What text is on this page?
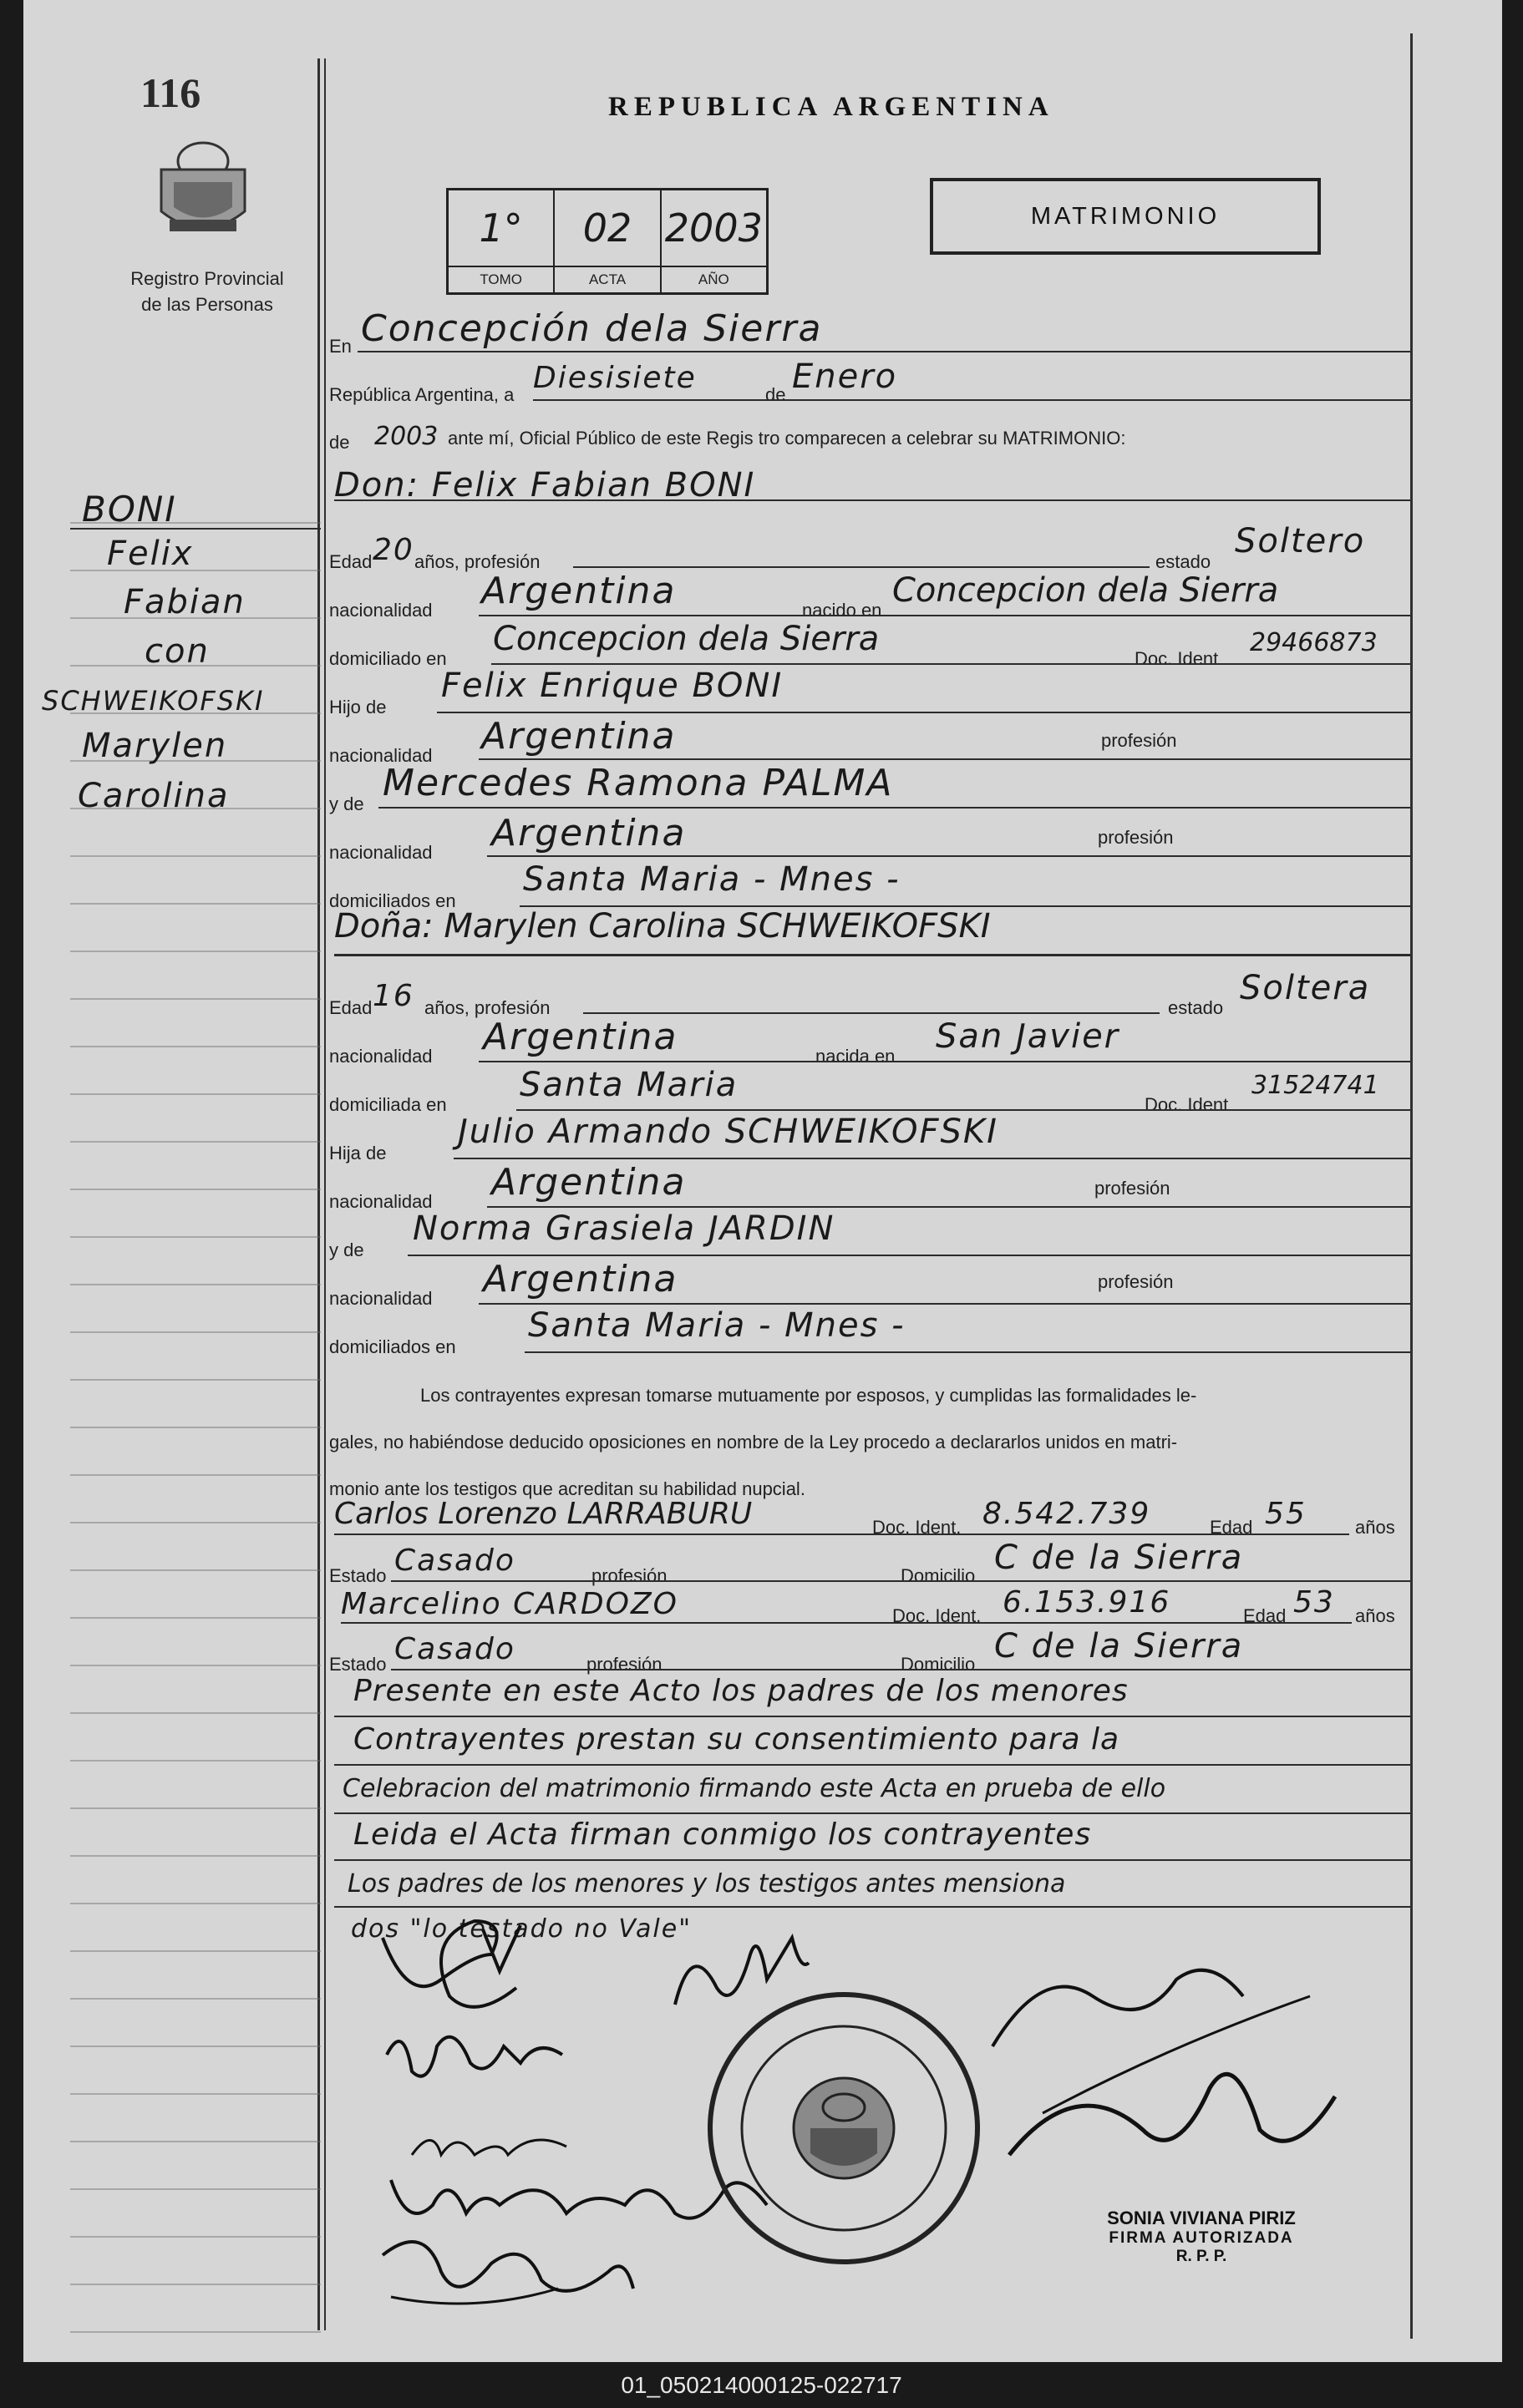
116
Registro Provincial
de las Personas
REPUBLICA ARGENTINA
1°
TOMO
02
ACTA
2003
AÑO
MATRIMONIO
BONI
Felix
Fabian
con
SCHWEIKOFSKI
Marylen
Carolina
En Concepción dela Sierra
República Argentina, a Diesisiete	de Enero
de 2003 ante mí, Oficial Público de este Regis tro comparecen a celebrar su MATRIMONIO:
Don: Felix Fabian BONI
Edad 20 años, profesión	estado
Soltero
nacionalidad Argentina	nacido en
Concepcion dela Sierra
domiciliado en
Concepcion dela Sierra
Doc. Ident
29466873
Hijo de
Felix Enrique BONI
nacionalidad Argentina	profesión
y de Mercedes Ramona PALMA
nacionalidad Argentina	profesión
domiciliados en
Santa Maria - Mnes -
Doña: Marylen Carolina SCHWEIKOFSKI
Edad 16 años, profesión	estado
Soltera
nacionalidad Argentina	nacida en
San Javier
domiciliada en
Santa Maria
Doc. Ident
31524741
Hija de
Julio Armando SCHWEIKOFSKI
nacionalidad Argentina	profesión
y de
Norma Grasiela JARDIN
nacionalidad Argentina	profesión
domiciliados en
Santa Maria - Mnes -
Los contrayentes expresan tomarse mutuamente por esposos, y cumplidas las formalidades le-
gales, no habiéndose deducido oposiciones en nombre de la Ley procedo a declararlos unidos en matri-
monio ante los testigos que acreditan su habilidad nupcial.
Carlos Lorenzo LARRABURU	Doc. Ident. 8.542.739	Edad 55	años
Estado Casado	profesión	Domicilio C de la Sierra
Marcelino CARDOZO	Doc. Ident. 6.153.916	Edad 53 años
Estado Casado	profesión	Domicilio C de la Sierra
Presente en este Acto los padres de los menores
Contrayentes prestan su consentimiento para la
Celebracion del matrimonio firmando este Acta en prueba de ello
Leida el Acta firman conmigo los contrayentes
Los padres de los menores y los testigos antes mensiona
dos "lo testado no Vale"
SONIA VIVIANA PIRIZ
FIRMA AUTORIZADA
R. P. P.
01_050214000125-022717
